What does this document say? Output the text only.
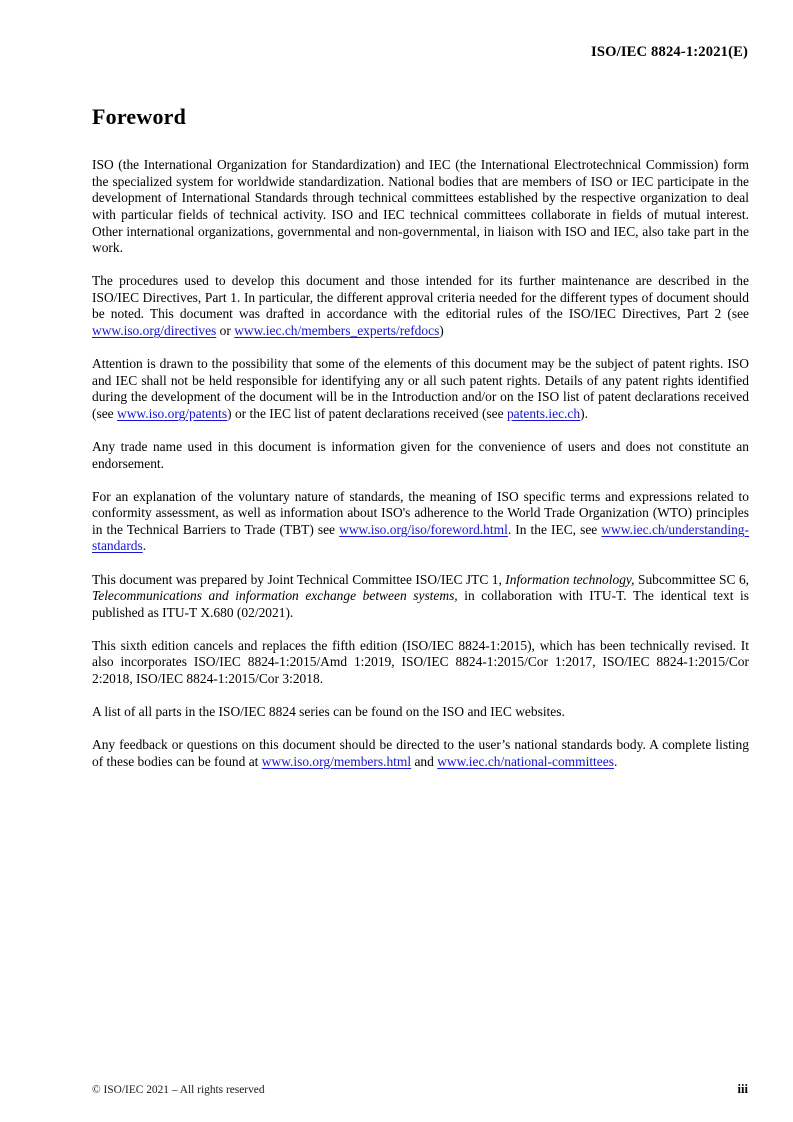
ISO/IEC 8824-1:2021(E)
Foreword

ISO (the International Organization for Standardization) and IEC (the International Electrotechnical Commission) form the specialized system for worldwide standardization. National bodies that are members of ISO or IEC participate in the development of International Standards through technical committees established by the respective organization to deal with particular fields of technical activity. ISO and IEC technical committees collaborate in fields of mutual interest. Other international organizations, governmental and non-governmental, in liaison with ISO and IEC, also take part in the work.

The procedures used to develop this document and those intended for its further maintenance are described in the ISO/IEC Directives, Part 1. In particular, the different approval criteria needed for the different types of document should be noted. This document was drafted in accordance with the editorial rules of the ISO/IEC Directives, Part 2 (see www.iso.org/directives or www.iec.ch/members_experts/refdocs)

Attention is drawn to the possibility that some of the elements of this document may be the subject of patent rights. ISO and IEC shall not be held responsible for identifying any or all such patent rights. Details of any patent rights identified during the development of the document will be in the Introduction and/or on the ISO list of patent declarations received (see www.iso.org/patents) or the IEC list of patent declarations received (see patents.iec.ch).

Any trade name used in this document is information given for the convenience of users and does not constitute an endorsement.

For an explanation of the voluntary nature of standards, the meaning of ISO specific terms and expressions related to conformity assessment, as well as information about ISO's adherence to the World Trade Organization (WTO) principles in the Technical Barriers to Trade (TBT) see www.iso.org/iso/foreword.html. In the IEC, see www.iec.ch/understanding-standards.

This document was prepared by Joint Technical Committee ISO/IEC JTC 1, Information technology, Subcommittee SC 6, Telecommunications and information exchange between systems, in collaboration with ITU-T. The identical text is published as ITU-T X.680 (02/2021).

This sixth edition cancels and replaces the fifth edition (ISO/IEC 8824-1:2015), which has been technically revised. It also incorporates ISO/IEC 8824-1:2015/Amd 1:2019, ISO/IEC 8824-1:2015/Cor 1:2017, ISO/IEC 8824-1:2015/Cor 2:2018, ISO/IEC 8824-1:2015/Cor 3:2018.

A list of all parts in the ISO/IEC 8824 series can be found on the ISO and IEC websites.

Any feedback or questions on this document should be directed to the user’s national standards body. A complete listing of these bodies can be found at www.iso.org/members.html and www.iec.ch/national-committees.

© ISO/IEC 2021 – All rights reserved	iii
